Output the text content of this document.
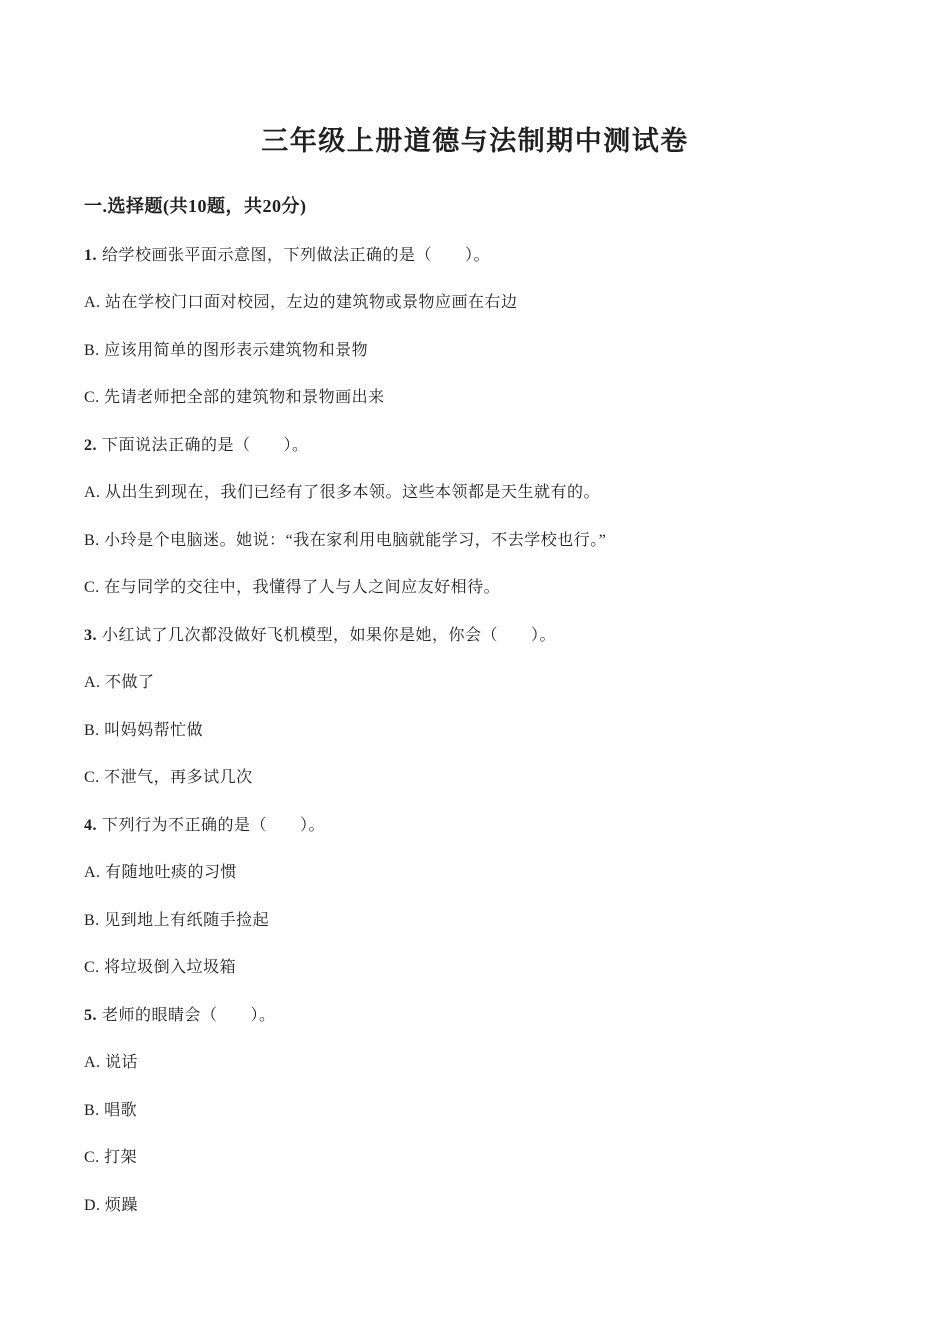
三年级上册道德与法制期中测试卷
一.选择题(共10题，共20分)
1. 给学校画张平面示意图，下列做法正确的是（　　）。
A. 站在学校门口面对校园，左边的建筑物或景物应画在右边
B. 应该用简单的图形表示建筑物和景物
C. 先请老师把全部的建筑物和景物画出来
2. 下面说法正确的是（　　）。
A. 从出生到现在，我们已经有了很多本领。这些本领都是天生就有的。
B. 小玲是个电脑迷。她说：“我在家利用电脑就能学习，不去学校也行。”
C. 在与同学的交往中，我懂得了人与人之间应友好相待。
3. 小红试了几次都没做好飞机模型，如果你是她，你会（　　）。
A. 不做了
B. 叫妈妈帮忙做
C. 不泄气，再多试几次
4. 下列行为不正确的是（　　）。
A. 有随地吐痰的习惯
B. 见到地上有纸随手捡起
C. 将垃圾倒入垃圾箱
5. 老师的眼睛会（　　）。
A. 说话
B. 唱歌
C. 打架
D. 烦躁
